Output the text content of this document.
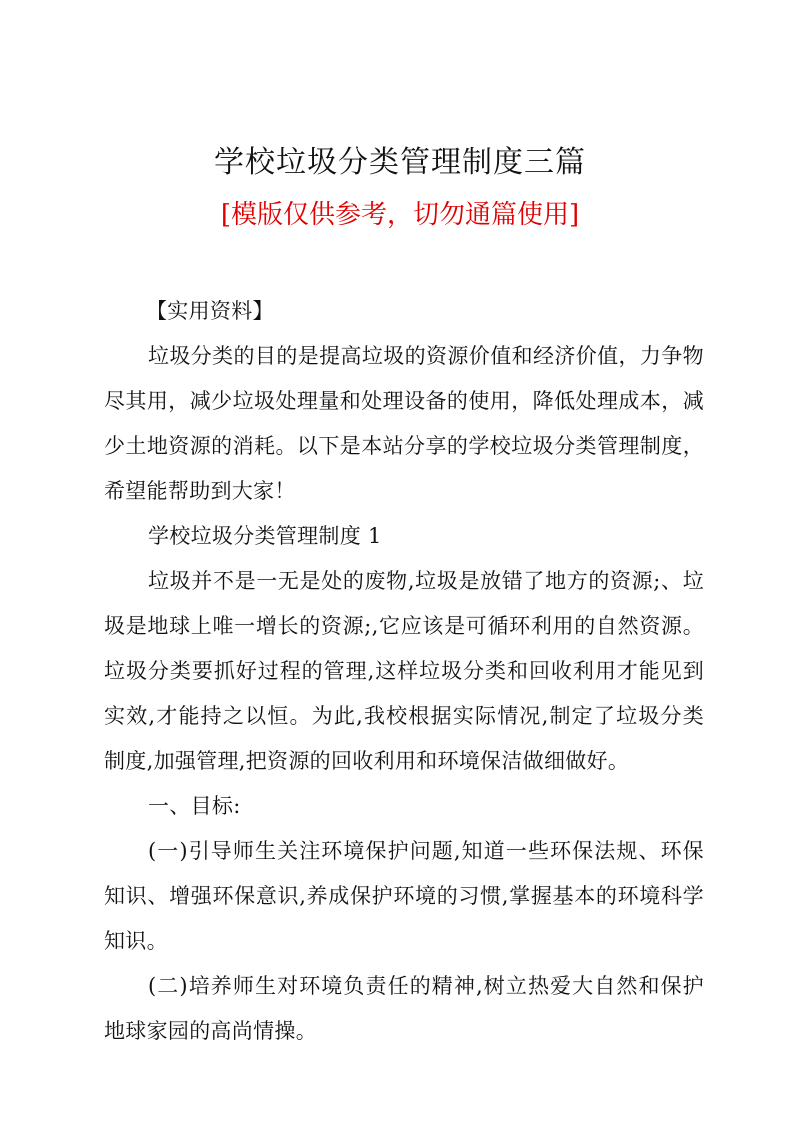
学校垃圾分类管理制度三篇
[模版仅供参考，切勿通篇使用]
【实用资料】
垃圾分类的目的是提高垃圾的资源价值和经济价值，力争物
尽其用，减少垃圾处理量和处理设备的使用，降低处理成本，减
少土地资源的消耗。以下是本站分享的学校垃圾分类管理制度，
希望能帮助到大家！
学校垃圾分类管理制度 1
垃圾并不是一无是处的废物,垃圾是放错了地方的资源;、垃
圾是地球上唯一增长的资源;,它应该是可循环利用的自然资源。
垃圾分类要抓好过程的管理,这样垃圾分类和回收利用才能见到
实效,才能持之以恒。为此,我校根据实际情况,制定了垃圾分类
制度,加强管理,把资源的回收利用和环境保洁做细做好。
一、目标:
(一)引导师生关注环境保护问题,知道一些环保法规、环保
知识、增强环保意识,养成保护环境的习惯,掌握基本的环境科学
知识。
(二)培养师生对环境负责任的精神,树立热爱大自然和保护
地球家园的高尚情操。
